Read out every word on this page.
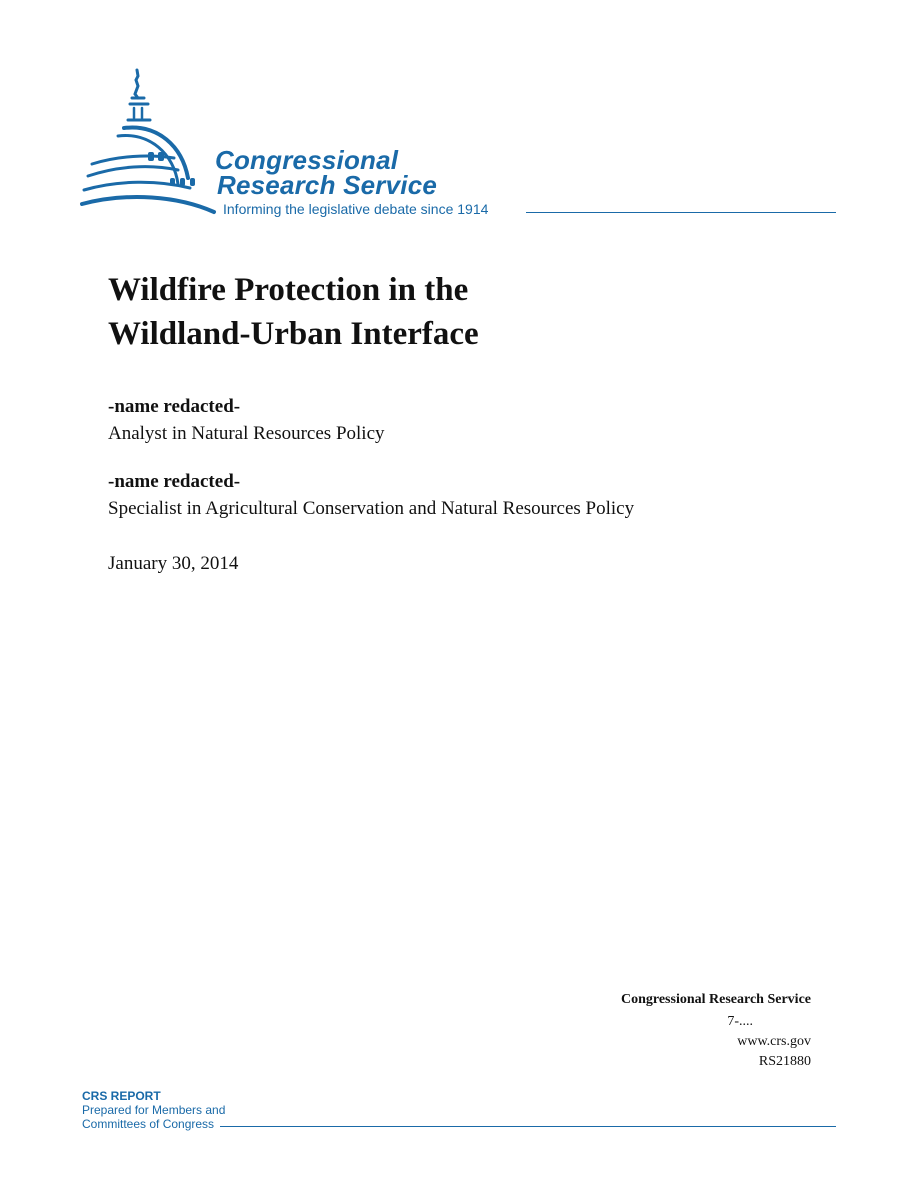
Congressional
Research Service
Informing the legislative debate since 1914
Wildfire Protection in the
Wildland-Urban Interface
-name redacted-
Analyst in Natural Resources Policy
-name redacted-
Specialist in Agricultural Conservation and Natural Resources Policy
January 30, 2014
Congressional Research Service
7-....
www.crs.gov
RS21880
CRS REPORT
Prepared for Members and
Committees of Congress
